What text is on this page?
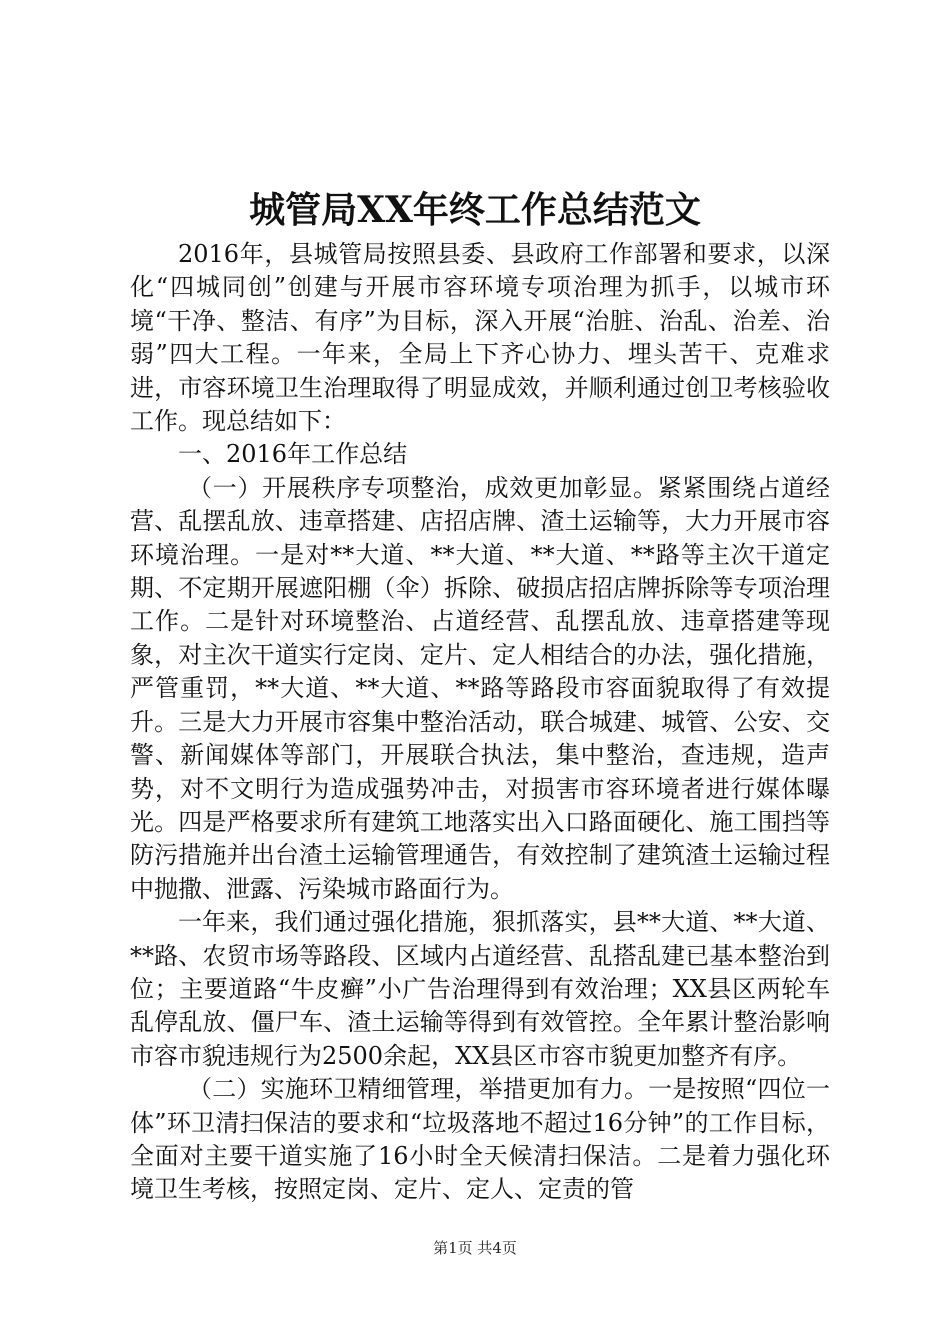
城管局XX年终工作总结范文

2016年，县城管局按照县委、县政府工作部署和要求，以深化“四城同创”创建与开展市容环境专项治理为抓手，以城市环境“干净、整洁、有序”为目标，深入开展“治脏、治乱、治差、治弱”四大工程。一年来，全局上下齐心协力、埋头苦干、克难求进，市容环境卫生治理取得了明显成效，并顺利通过创卫考核验收工作。现总结如下：

一、2016年工作总结

（一）开展秩序专项整治，成效更加彰显。紧紧围绕占道经营、乱摆乱放、违章搭建、店招店牌、渣土运输等，大力开展市容环境治理。一是对**大道、**大道、**大道、**路等主次干道定期、不定期开展遮阳棚（伞）拆除、破损店招店牌拆除等专项治理工作。二是针对环境整治、占道经营、乱摆乱放、违章搭建等现象，对主次干道实行定岗、定片、定人相结合的办法，强化措施，严管重罚，**大道、**大道、**路等路段市容面貌取得了有效提升。三是大力开展市容集中整治活动，联合城建、城管、公安、交警、新闻媒体等部门，开展联合执法，集中整治，查违规，造声势，对不文明行为造成强势冲击，对损害市容环境者进行媒体曝光。四是严格要求所有建筑工地落实出入口路面硬化、施工围挡等防污措施并出台渣土运输管理通告，有效控制了建筑渣土运输过程中抛撒、泄露、污染城市路面行为。

一年来，我们通过强化措施，狠抓落实，县**大道、**大道、**路、农贸市场等路段、区域内占道经营、乱搭乱建已基本整治到位；主要道路“牛皮癣”小广告治理得到有效治理；XX县区两轮车乱停乱放、僵尸车、渣土运输等得到有效管控。全年累计整治影响市容市貌违规行为2500余起，XX县区市容市貌更加整齐有序。

（二）实施环卫精细管理，举措更加有力。一是按照“四位一体”环卫清扫保洁的要求和“垃圾落地不超过16分钟”的工作目标，全面对主要干道实施了16小时全天候清扫保洁。二是着力强化环境卫生考核，按照定岗、定片、定人、定责的管

第1页 共4页
